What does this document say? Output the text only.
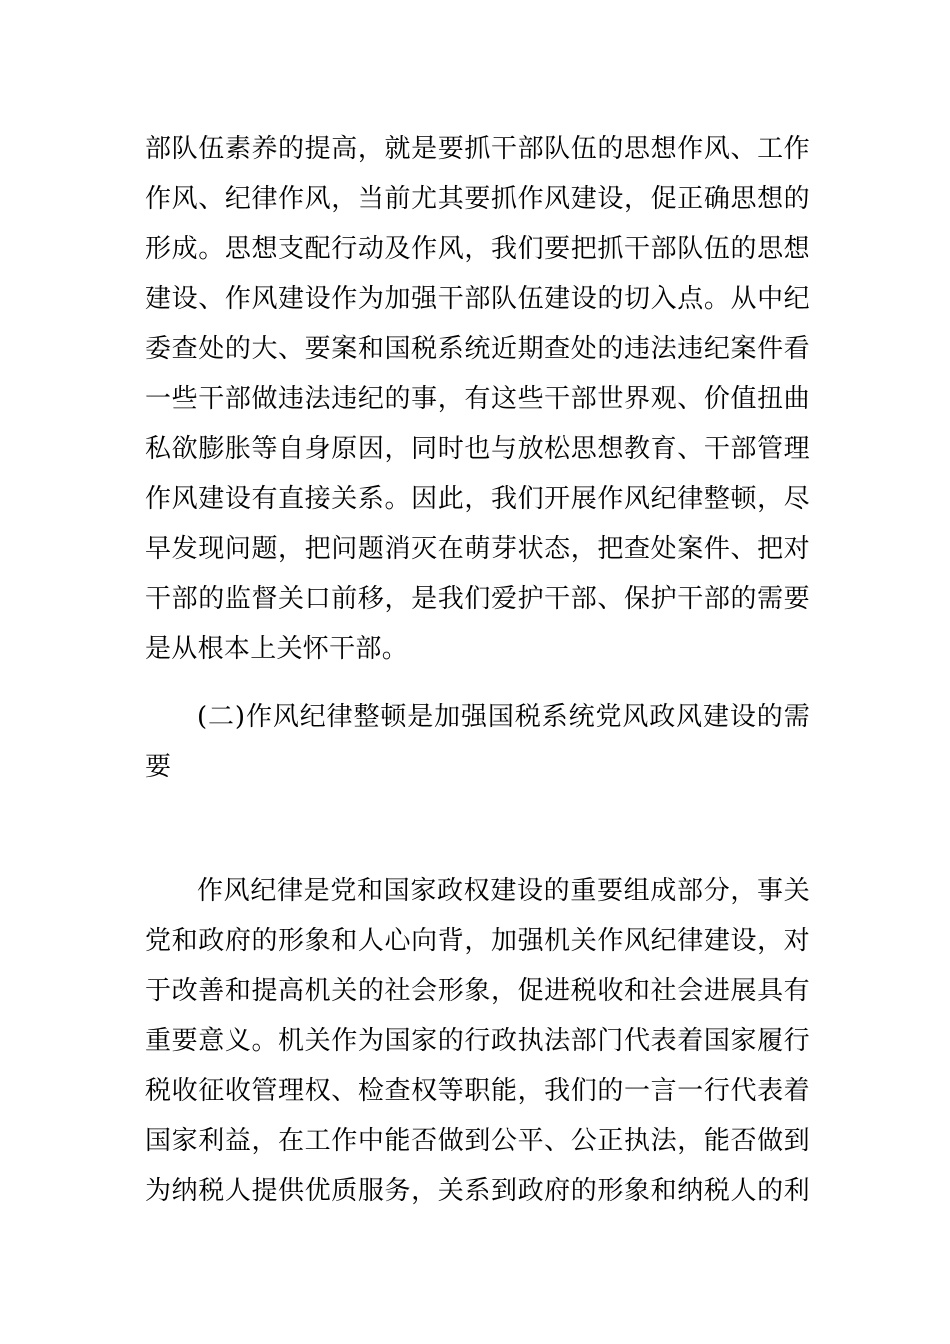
部队伍素养的提高，就是要抓干部队伍的思想作风、工作
作风、纪律作风，当前尤其要抓作风建设，促正确思想的
形成。思想支配行动及作风，我们要把抓干部队伍的思想
建设、作风建设作为加强干部队伍建设的切入点。从中纪
委查处的大、要案和国税系统近期查处的违法违纪案件看
一些干部做违法违纪的事，有这些干部世界观、价值扭曲
私欲膨胀等自身原因，同时也与放松思想教育、干部管理
作风建设有直接关系。因此，我们开展作风纪律整顿，尽
早发现问题，把问题消灭在萌芽状态，把查处案件、把对
干部的监督关口前移，是我们爱护干部、保护干部的需要
是从根本上关怀干部。
(二)作风纪律整顿是加强国税系统党风政风建设的需
要
作风纪律是党和国家政权建设的重要组成部分，事关
党和政府的形象和人心向背，加强机关作风纪律建设，对
于改善和提高机关的社会形象，促进税收和社会进展具有
重要意义。机关作为国家的行政执法部门代表着国家履行
税收征收管理权、检查权等职能，我们的一言一行代表着
国家利益，在工作中能否做到公平、公正执法，能否做到
为纳税人提供优质服务，关系到政府的形象和纳税人的利
